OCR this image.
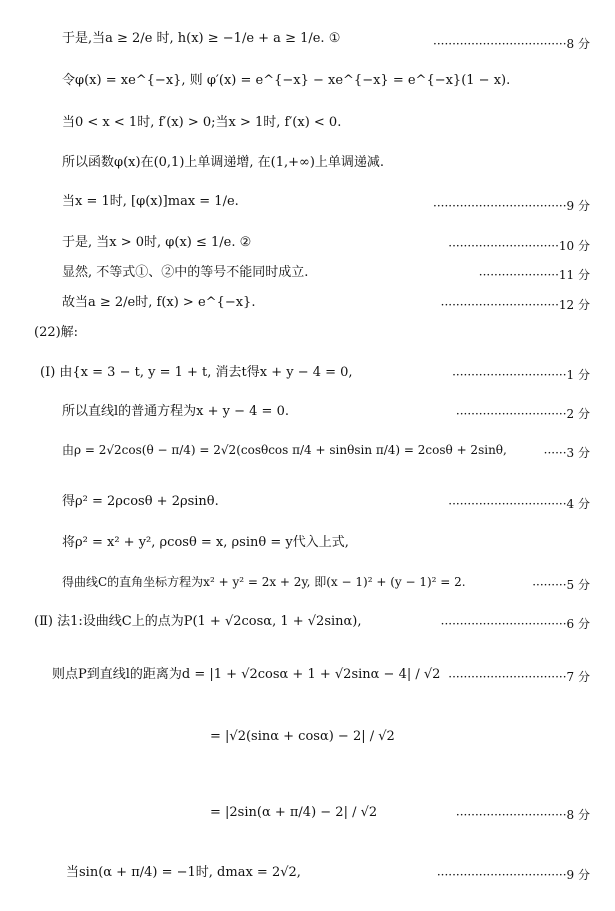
于是,当a ≥ 2/e 时, h(x) ≥ −1/e + a ≥ 1/e. ①	···································8 分
令φ(x) = xe^{−x}, 则 φ′(x) = e^{−x} − xe^{−x} = e^{−x}(1 − x).
当0 < x < 1时, f′(x) > 0;当x > 1时, f′(x) < 0.
所以函数φ(x)在(0,1)上单调递增, 在(1,+∞)上单调递减.
当x = 1时, [φ(x)]max = 1/e.	···································9 分
于是, 当x > 0时, φ(x) ≤ 1/e. ②	·····························10 分
显然, 不等式①、②中的等号不能同时成立.	·····················11 分
故当a ≥ 2/e时, f(x) > e^{−x}.	·······························12 分
(22)解:
(Ⅰ) 由{x = 3 − t, y = 1 + t, 消去t得x + y − 4 = 0,	······························1 分
所以直线l的普通方程为x + y − 4 = 0.	·····························2 分
由ρ = 2√2cos(θ − π/4) = 2√2(cosθcos π/4 + sinθsin π/4) = 2cosθ + 2sinθ,	······3 分
得ρ² = 2ρcosθ + 2ρsinθ.	·······························4 分
将ρ² = x² + y², ρcosθ = x, ρsinθ = y代入上式,
得曲线C的直角坐标方程为x² + y² = 2x + 2y, 即(x − 1)² + (y − 1)² = 2.	·········5 分
(Ⅱ) 法1:设曲线C上的点为P(1 + √2cosα, 1 + √2sinα),	·································6 分
则点P到直线l的距离为d = |1 + √2cosα + 1 + √2sinα − 4| / √2 ·······························7 分
= |√2(sinα + cosα) − 2| / √2
= |2sin(α + π/4) − 2| / √2	·····························8 分
当sin(α + π/4) = −1时, dmax = 2√2,	··································9 分
